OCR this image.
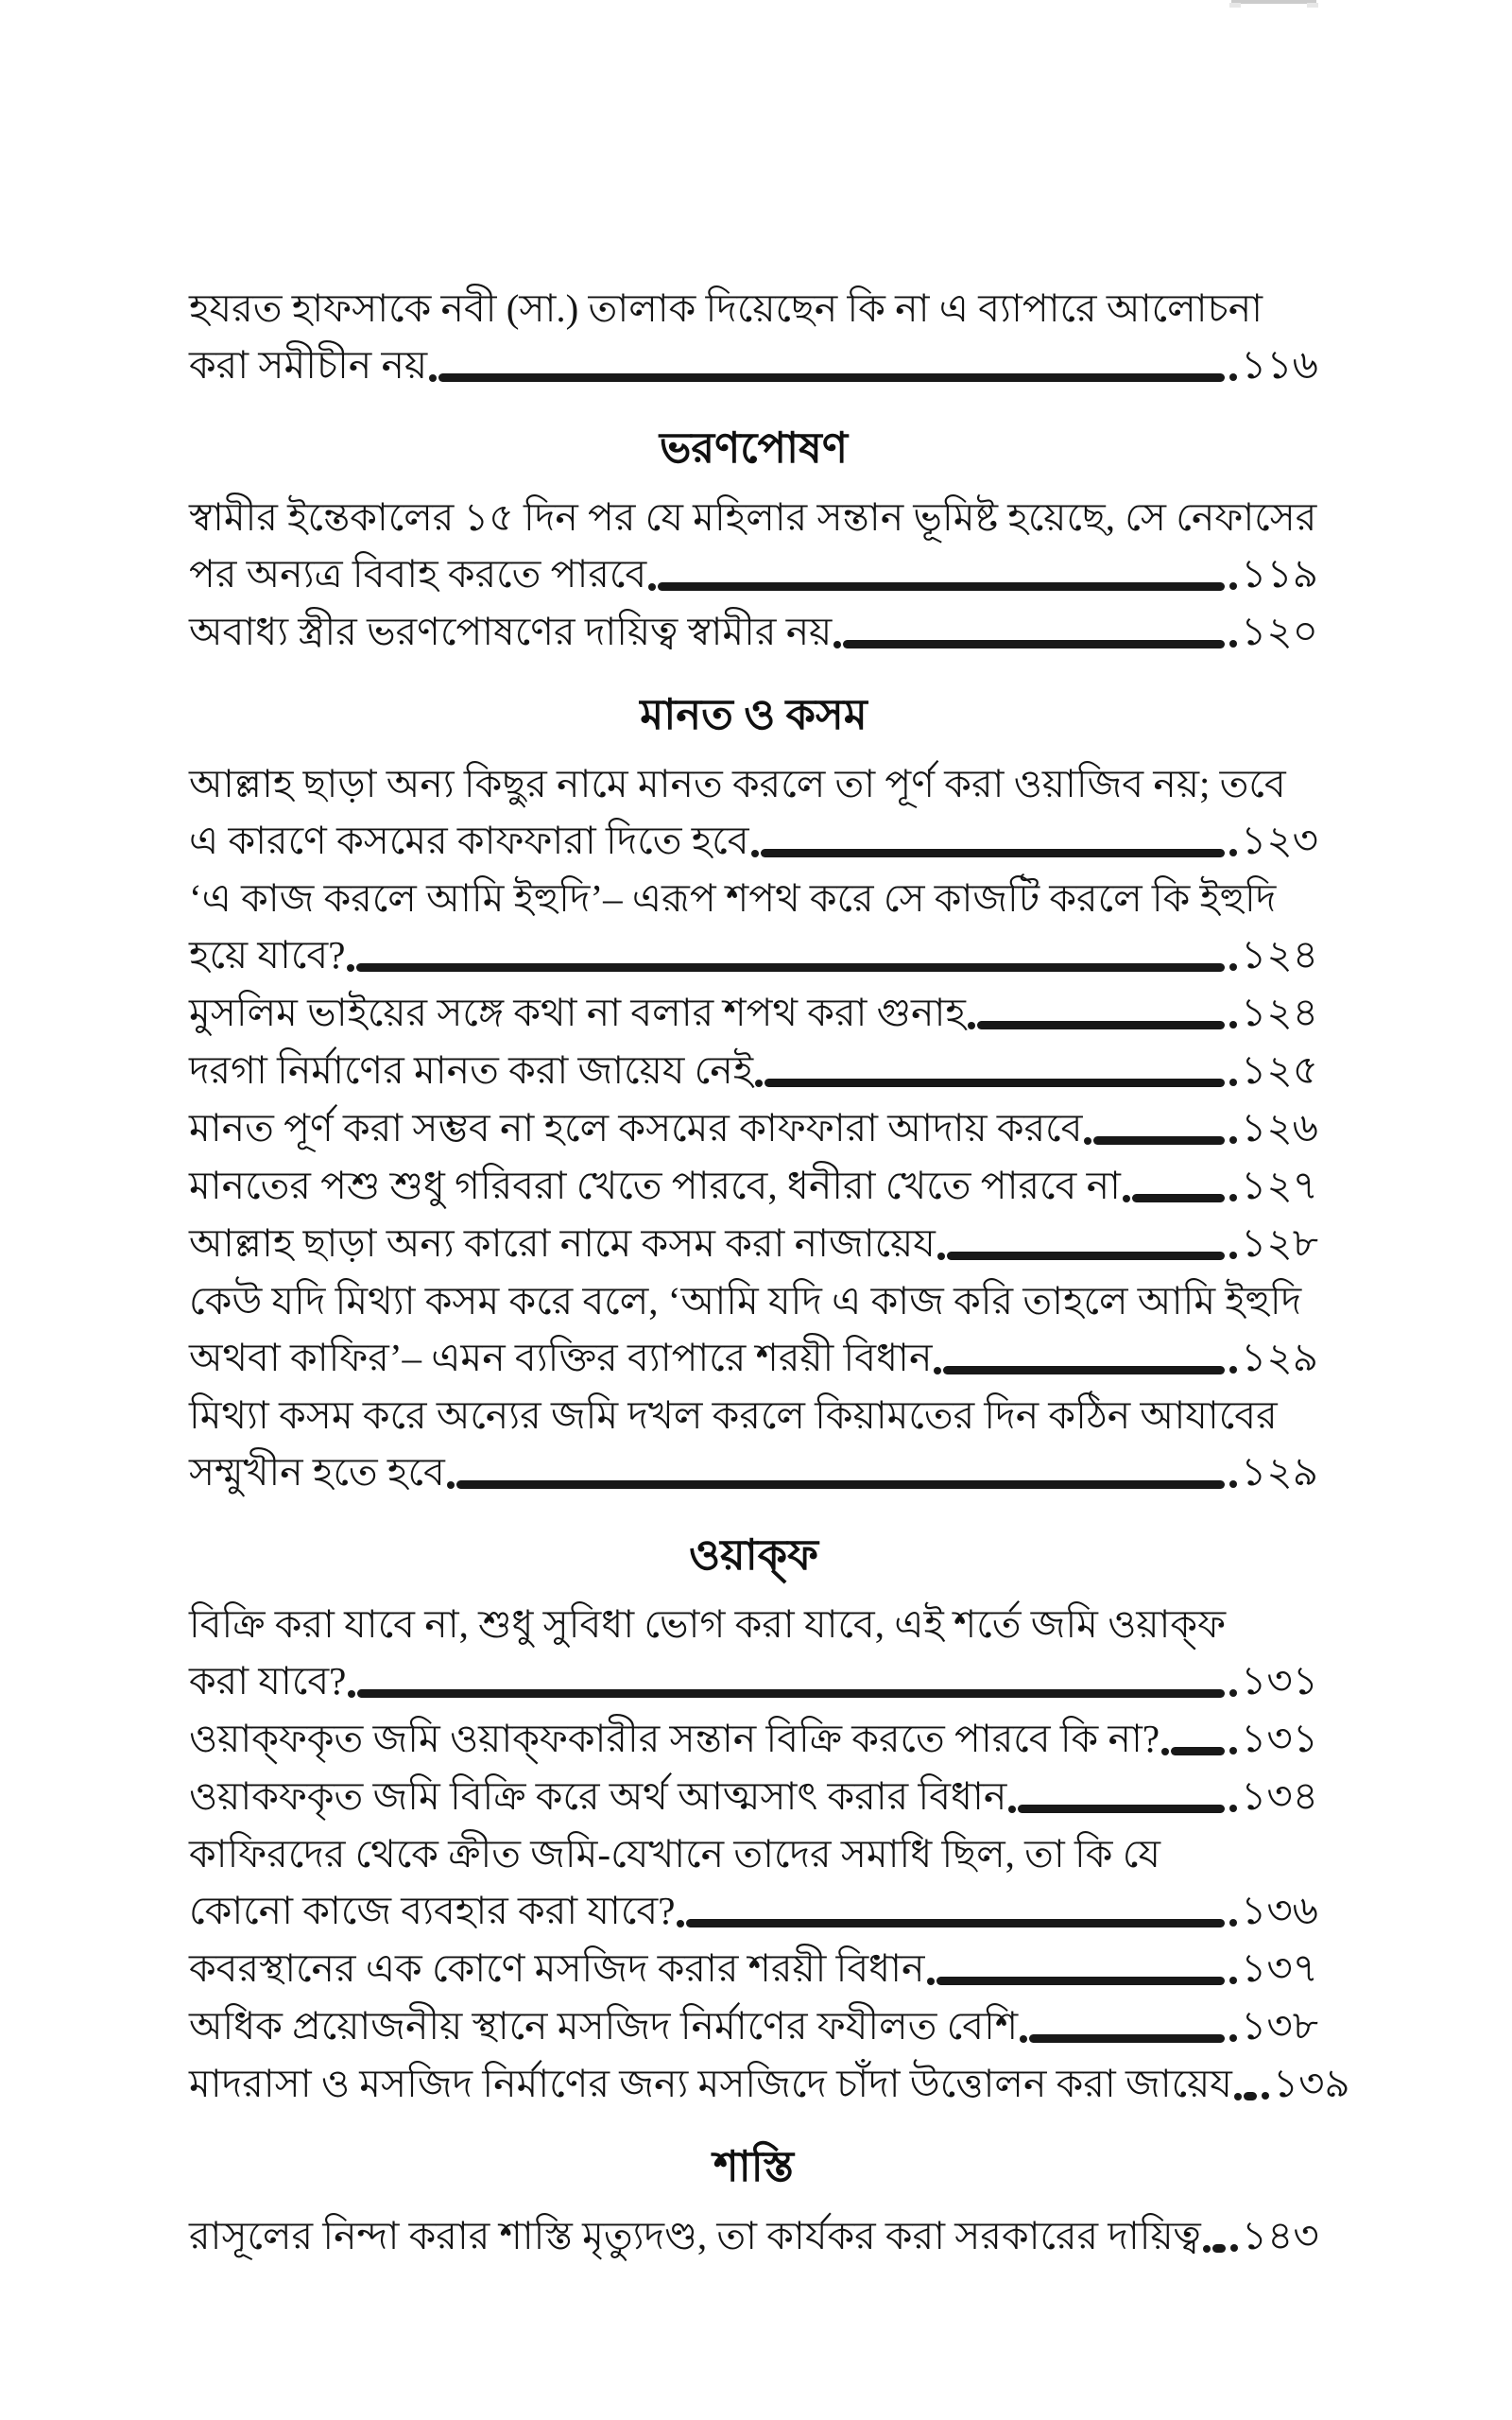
হযরত হাফসাকে নবী (সা.) তালাক দিয়েছেন কি না এ ব্যাপারে আলোচনা
করা সমীচীন নয়	১১৬
ভরণপোষণ
স্বামীর ইন্তেকালের ১৫ দিন পর যে মহিলার সন্তান ভূমিষ্ট হয়েছে, সে নেফাসের
পর অন্যত্র বিবাহ করতে পারবে	১১৯
অবাধ্য স্ত্রীর ভরণপোষণের দায়িত্ব স্বামীর নয়	১২০
মানত ও কসম
আল্লাহ ছাড়া অন্য কিছুর নামে মানত করলে তা পূর্ণ করা ওয়াজিব নয়; তবে
এ কারণে কসমের কাফফারা দিতে হবে	১২৩
‘এ কাজ করলে আমি ইহুদি’– এরূপ শপথ করে সে কাজটি করলে কি ইহুদি
হয়ে যাবে?	১২৪
মুসলিম ভাইয়ের সঙ্গে কথা না বলার শপথ করা গুনাহ	১২৪
দরগা নির্মাণের মানত করা জায়েয নেই	১২৫
মানত পূর্ণ করা সম্ভব না হলে কসমের কাফফারা আদায় করবে	১২৬
মানতের পশু শুধু গরিবরা খেতে পারবে, ধনীরা খেতে পারবে না	১২৭
আল্লাহ ছাড়া অন্য কারো নামে কসম করা নাজায়েয	১২৮
কেউ যদি মিথ্যা কসম করে বলে, ‘আমি যদি এ কাজ করি তাহলে আমি ইহুদি
অথবা কাফির’– এমন ব্যক্তির ব্যাপারে শরয়ী বিধান	১২৯
মিথ্যা কসম করে অন্যের জমি দখল করলে কিয়ামতের দিন কঠিন আযাবের
সম্মুখীন হতে হবে	১২৯
ওয়াক্ফ
বিক্রি করা যাবে না, শুধু সুবিধা ভোগ করা যাবে, এই শর্তে জমি ওয়াক্ফ
করা যাবে?	১৩১
ওয়াক্ফকৃত জমি ওয়াক্ফকারীর সন্তান বিক্রি করতে পারবে কি না?	১৩১
ওয়াকফকৃত জমি বিক্রি করে অর্থ আত্মসাৎ করার বিধান	১৩৪
কাফিরদের থেকে ক্রীত জমি-যেখানে তাদের সমাধি ছিল, তা কি যে
কোনো কাজে ব্যবহার করা যাবে?	১৩৬
কবরস্থানের এক কোণে মসজিদ করার শরয়ী বিধান	১৩৭
অধিক প্রয়োজনীয় স্থানে মসজিদ নির্মাণের ফযীলত বেশি	১৩৮
মাদরাসা ও মসজিদ নির্মাণের জন্য মসজিদে চাঁদা উত্তোলন করা জায়েয	১৩৯
শাস্তি
রাসূলের নিন্দা করার শাস্তি মৃত্যুদণ্ড, তা কার্যকর করা সরকারের দায়িত্ব	১৪৩
